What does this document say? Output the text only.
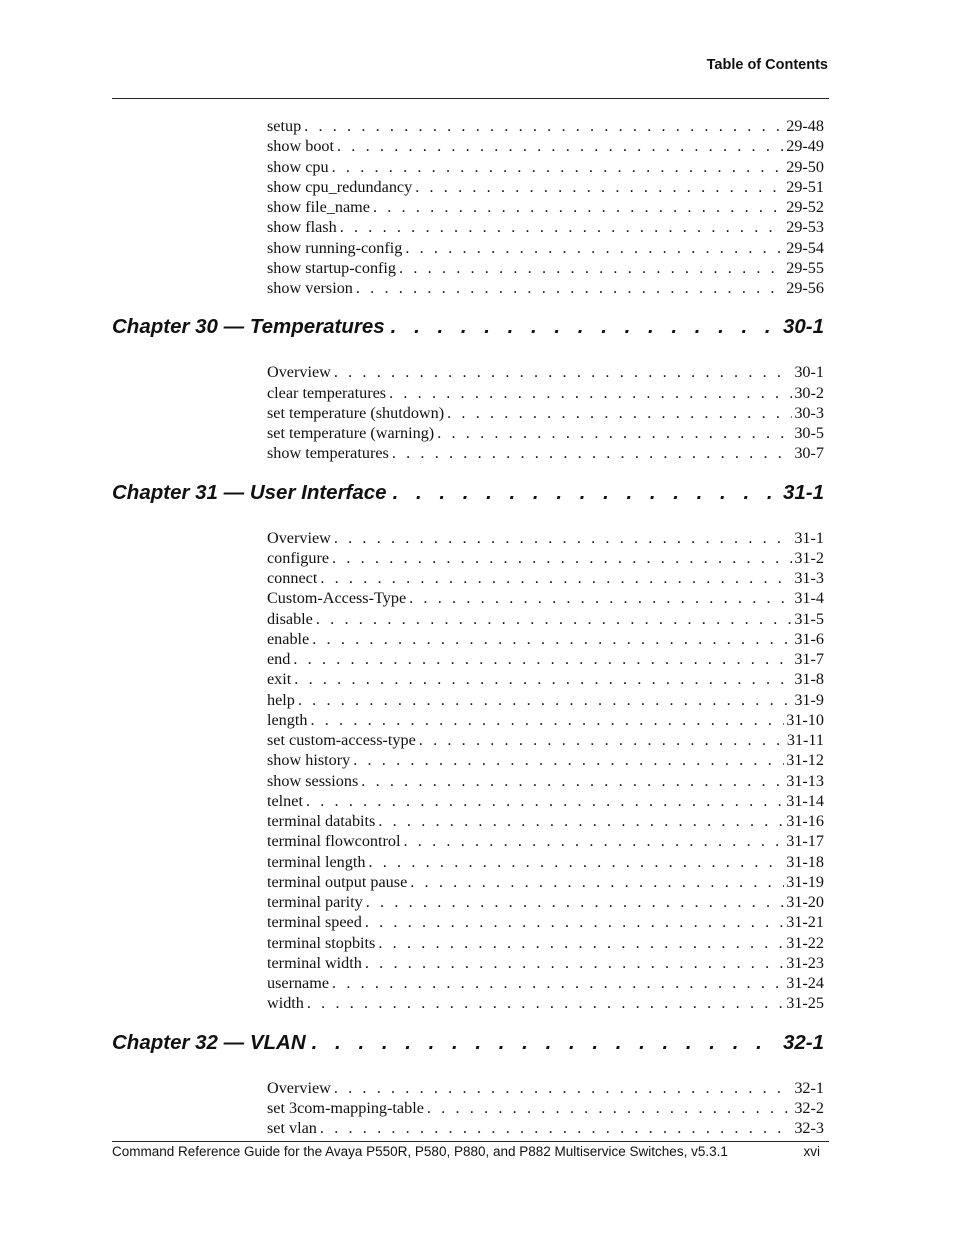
Table of Contents
setup . . .	29-48
show boot . . .	29-49
show cpu . . .	29-50
show cpu_redundancy . . .	29-51
show file_name . . .	29-52
show flash . . .	29-53
show running-config . . .	29-54
show startup-config . . .	29-55
show version . . .	29-56
Chapter 30 — Temperatures . . .	30-1
Overview . . .	30-1
clear temperatures . . .	30-2
set temperature (shutdown) . . .	30-3
set temperature (warning) . . .	30-5
show temperatures . . .	30-7
Chapter 31 — User Interface . . .	31-1
Overview . . .	31-1
configure . . .	31-2
connect . . .	31-3
Custom-Access-Type . . .	31-4
disable . . .	31-5
enable . . .	31-6
end . . .	31-7
exit . . .	31-8
help . . .	31-9
length . . .	31-10
set custom-access-type . . .	31-11
show history . . .	31-12
show sessions . . .	31-13
telnet . . .	31-14
terminal databits . . .	31-16
terminal flowcontrol . . .	31-17
terminal length . . .	31-18
terminal output pause . . .	31-19
terminal parity . . .	31-20
terminal speed . . .	31-21
terminal stopbits . . .	31-22
terminal width . . .	31-23
username . . .	31-24
width . . .	31-25
Chapter 32 — VLAN . . .	32-1
Overview . . .	32-1
set 3com-mapping-table . . .	32-2
set vlan . . .	32-3
Command Reference Guide for the Avaya P550R, P580, P880, and P882 Multiservice Switches, v5.3.1	xvi
